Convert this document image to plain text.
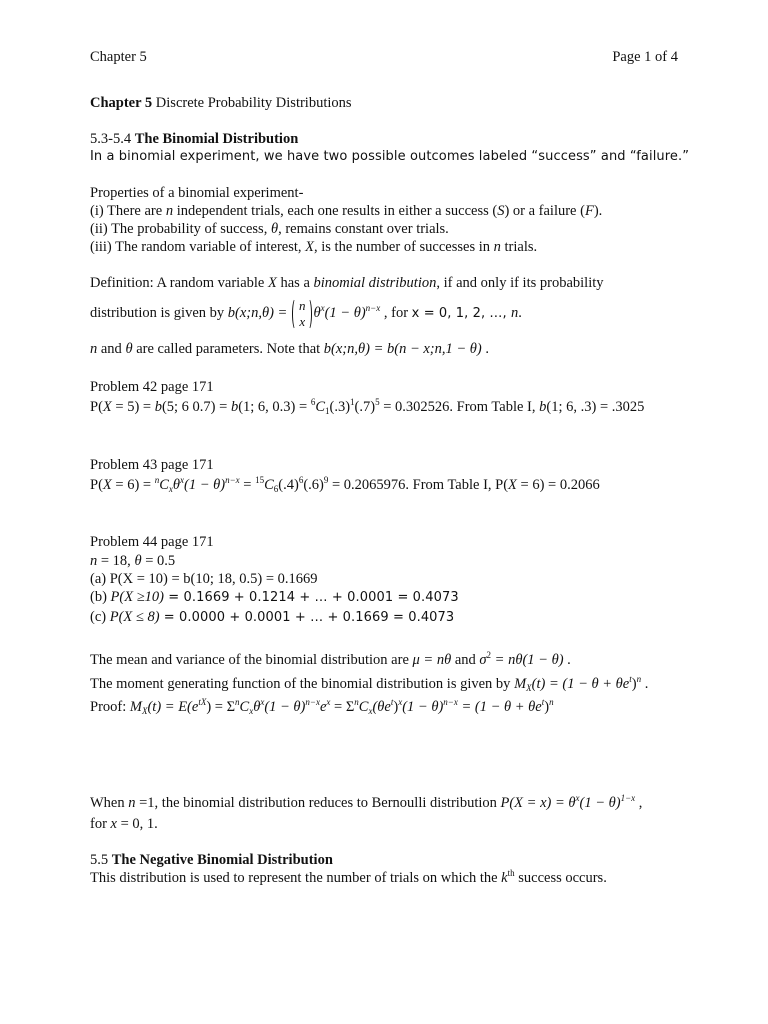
Chapter 5	Page 1 of 4
Chapter 5 Discrete Probability Distributions
5.3-5.4 The Binomial Distribution
In a binomial experiment, we have two possible outcomes labeled “success” and “failure.”
Properties of a binomial experiment-
(i) There are n independent trials, each one results in either a success (S) or a failure (F).
(ii) The probability of success, θ, remains constant over trials.
(iii) The random variable of interest, X, is the number of successes in n trials.
Definition: A random variable X has a binomial distribution, if and only if its probability
distribution is given by b(x;n,θ) = n
x
$\theta^x(1 - \theta)^{n-x}$ , for x = 0, 1, 2, …, n.
n and θ are called parameters. Note that b(x;n,θ) = b(n − x;n,1 − θ) .
Problem 42 page 171
P(X = 5) = b(5; 6 0.7) = b(1; 6, $0.3) = ^6C_1(.3)^1(.7)^5 = 0.302526$. From Table I, b(1; 6, .3) = .3025
Problem 43 page 171
$P(X = 6) = ^nC_x\theta^x(1 - \theta)^{n-x} = ^{15}C_6(.4)^6(.6)^9 = 0.2065976$. From Table I, P(X = 6) = 0.2066
Problem 44 page 171
n = 18, θ = 0.5
(a) P(X = 10) = b(10; 18, 0.5) = 0.1669
(b) P(X ≥10) = 0.1669 + 0.1214 + … + 0.0001 = 0.4073
(c) P(X ≤ 8) = 0.0000 + 0.0001 + … + 0.1669 = 0.4073
The mean and variance of the binomial distribution are μ = nθ and $\sigma^2 = n\theta(1 - \theta)$ .
The moment generating function of the binomial distribution is given by $M_X(t) = (1 - \theta + \theta e^t)^n$ .
Proof: $M_X(t) = E(e^{tX}) = \Sigma^nC_x\theta^x(1 - \theta)^{n-x}e^x = \Sigma^nC_x(\theta e^t)^x(1 - \theta)^{n-x} = (1 - \theta + \theta e^t)^n$
When n =1, the binomial distribution reduces to Bernoulli distribution $P(X = x) = \theta^x(1 - \theta)^{1-x}$ ,
for x = 0, 1.
5.5 The Negative Binomial Distribution
This distribution is used to represent the number of trials on which the $k^{th}$ success occurs.
